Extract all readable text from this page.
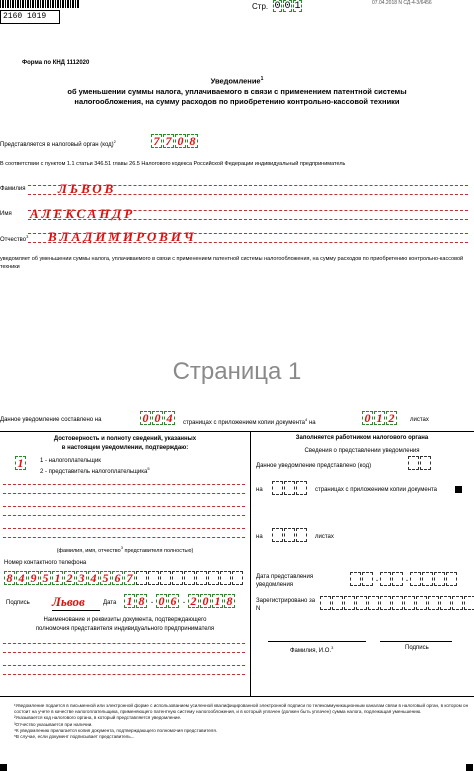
2160 1019
Стр. 0 0 1	07.04.2018 N СД-4-3/6456
Форма по КНД 1112020
Уведомление$^1$
об уменьшении суммы налога, уплачиваемого в связи с применением патентной системы
налогообложения, на сумму расходов по приобретению контрольно-кассовой техники
Представляется в налоговый орган (код)$^2$	7 7 0 8
В соответствии с пунктом 1.1 статьи 346.51 главы 26.5 Налогового кодекса Российской Федерации индивидуальный предприниматель
Фамилия	ЛЬВОВ
Имя АЛЕКСАНДР
Отчество$^3$ ВЛАДИМИРОВИЧ
уведомляет об уменьшении суммы налога, уплачиваемого в связи с применением патентной системы налогообложения, на сумму расходов по приобретению контрольно-кассовой техники
Страница 1
Данное уведомление составлено на	0 0 4	страницах с приложением копии документа$^4$ на	0 1 2	листах
Достоверность и полноту сведений, указанных
в настоящем уведомлении, подтверждаю:
1	1 - налогоплательщик
2 - представитель налогоплательщика$^5$
(фамилия, имя, отчество$^3$ представителя полностью)
Номер контактного телефона
8 4 9 5 1 2 3 4 5 6 7
Подпись Львов	Дата 1 8 . 0 6 . 2 0 1 8
Наименование и реквизиты документа, подтверждающего
полномочия представителя индивидуального предпринимателя
Заполняется работником налогового органа
Сведения о представлении уведомления
Данное уведомление представлено (код)
на	страницах с приложением копии документа
на	листах
Дата представления уведомления
.	.
Зарегистрировано за N
Фамилия, И.О.$^3$	Подпись
¹Уведомление подается в письменной или электронной форме с использованием усиленной квалифицированной электронной подписи по телекоммуникационным каналам связи в налоговый орган, в котором он состоит на учете в качестве налогоплательщика, применяющего патентную систему налогообложения, и в который уплачен (должен быть уплачен) сумма налога, подлежащая уменьшению.
²Указывается код налогового органа, в который представляется уведомление.
³Отчество указывается при наличии.
⁴К уведомлению прилагается копия документа, подтверждающего полномочия представителя.
⁵В случае, если документ подписывает представитель...
